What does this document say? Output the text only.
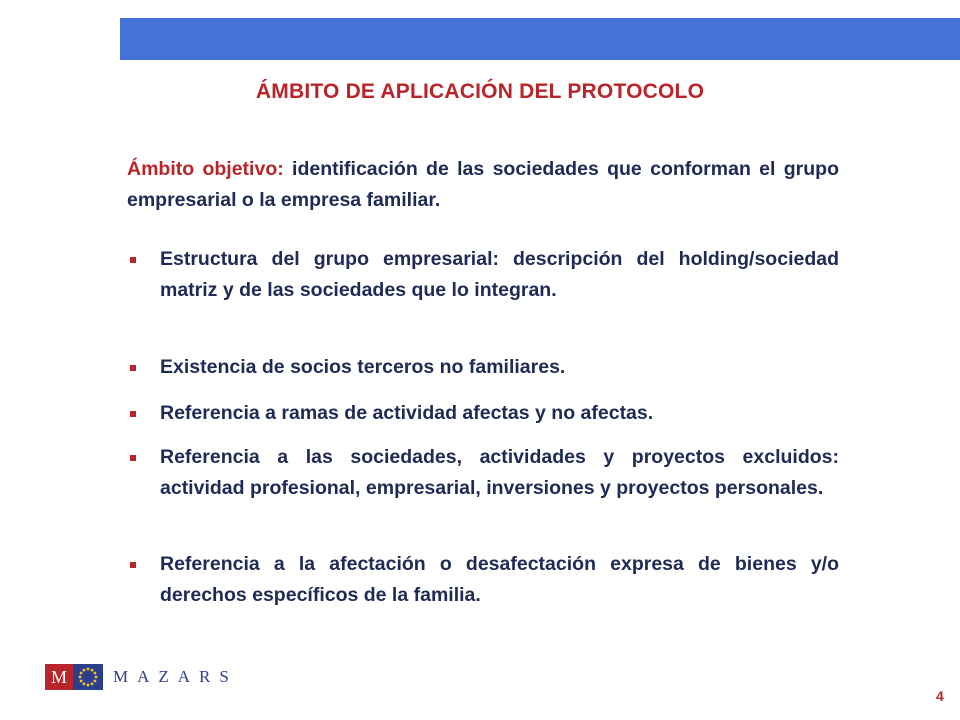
ÁMBITO DE APLICACIÓN DEL PROTOCOLO
Ámbito objetivo: identificación de las sociedades que conforman el grupo empresarial o la empresa familiar.
Estructura del grupo empresarial: descripción del holding/sociedad matriz y de las sociedades que lo integran.
Existencia de socios terceros no familiares.
Referencia a ramas de actividad afectas y no afectas.
Referencia a las sociedades, actividades y proyectos excluidos: actividad profesional, empresarial, inversiones y proyectos personales.
Referencia a la afectación o desafectación expresa de bienes y/o derechos específicos de la familia.
M	MAZARS
4
